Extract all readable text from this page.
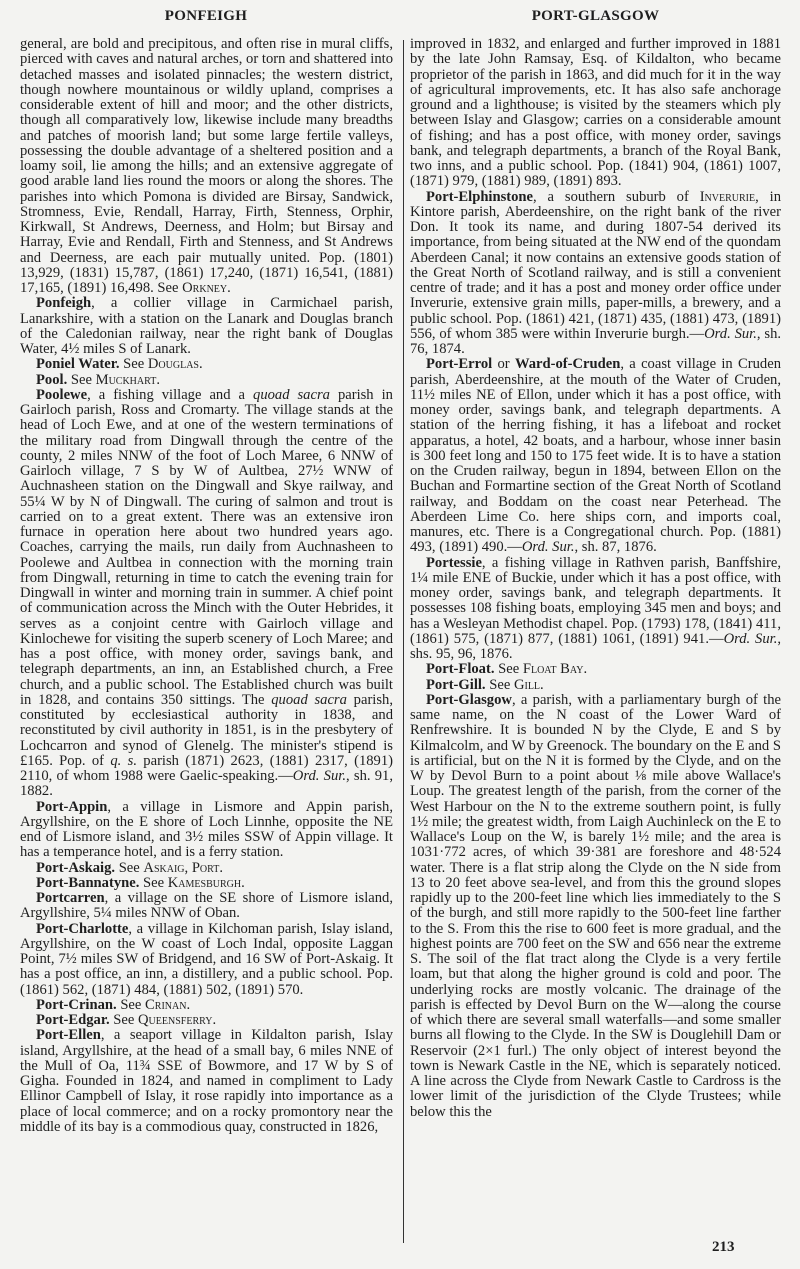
PONFEIGH	PORT-GLASGOW

general, are bold and precipitous, and often rise in mural cliffs, pierced with caves and natural arches, or torn and shattered into detached masses and isolated pinnacles; the western district, though nowhere mountainous or wildly upland, comprises a considerable extent of hill and moor; and the other districts, though all comparatively low, likewise include many breadths and patches of moorish land; but some large fertile valleys, possessing the double advantage of a sheltered position and a loamy soil, lie among the hills; and an extensive aggregate of good arable land lies round the moors or along the shores. The parishes into which Pomona is divided are Birsay, Sandwick, Stromness, Evie, Rendall, Harray, Firth, Stenness, Orphir, Kirkwall, St Andrews, Deerness, and Holm; but Birsay and Harray, Evie and Rendall, Firth and Stenness, and St Andrews and Deerness, are each pair mutually united. Pop. (1801) 13,929, (1831) 15,787, (1861) 17,240, (1871) 16,541, (1881) 17,165, (1891) 16,498. See Orkney.

Ponfeigh, a collier village in Carmichael parish, Lanarkshire, with a station on the Lanark and Douglas branch of the Caledonian railway, near the right bank of Douglas Water, 4½ miles S of Lanark.

Poniel Water. See Douglas.

Pool. See Muckhart.

Poolewe, a fishing village and a quoad sacra parish in Gairloch parish, Ross and Cromarty. The village stands at the head of Loch Ewe, and at one of the western terminations of the military road from Dingwall through the centre of the county, 2 miles NNW of the foot of Loch Maree, 6 NNW of Gairloch village, 7 S by W of Aultbea, 27½ WNW of Auchnasheen station on the Dingwall and Skye railway, and 55¼ W by N of Dingwall. The curing of salmon and trout is carried on to a great extent. There was an extensive iron furnace in operation here about two hundred years ago. Coaches, carrying the mails, run daily from Auchnasheen to Poolewe and Aultbea in connection with the morning train from Dingwall, returning in time to catch the evening train for Dingwall in winter and morning train in summer. A chief point of communication across the Minch with the Outer Hebrides, it serves as a conjoint centre with Gairloch village and Kinlochewe for visiting the superb scenery of Loch Maree; and has a post office, with money order, savings bank, and telegraph departments, an inn, an Established church, a Free church, and a public school. The Established church was built in 1828, and contains 350 sittings. The quoad sacra parish, constituted by ecclesiastical authority in 1838, and reconstituted by civil authority in 1851, is in the presbytery of Lochcarron and synod of Glenelg. The minister's stipend is £165. Pop. of q. s. parish (1871) 2623, (1881) 2317, (1891) 2110, of whom 1988 were Gaelic-speaking.—Ord. Sur., sh. 91, 1882.

Port-Appin, a village in Lismore and Appin parish, Argyllshire, on the E shore of Loch Linnhe, opposite the NE end of Lismore island, and 3½ miles SSW of Appin village. It has a temperance hotel, and is a ferry station.

Port-Askaig. See Askaig, Port.

Port-Bannatyne. See Kamesburgh.

Portcarren, a village on the SE shore of Lismore island, Argyllshire, 5¼ miles NNW of Oban.

Port-Charlotte, a village in Kilchoman parish, Islay island, Argyllshire, on the W coast of Loch Indal, opposite Laggan Point, 7½ miles SW of Bridgend, and 16 SW of Port-Askaig. It has a post office, an inn, a distillery, and a public school. Pop. (1861) 562, (1871) 484, (1881) 502, (1891) 570.

Port-Crinan. See Crinan.

Port-Edgar. See Queensferry.

Port-Ellen, a seaport village in Kildalton parish, Islay island, Argyllshire, at the head of a small bay, 6 miles NNE of the Mull of Oa, 11¾ SSE of Bowmore, and 17 W by S of Gigha. Founded in 1824, and named in compliment to Lady Ellinor Campbell of Islay, it rose rapidly into importance as a place of local commerce; and on a rocky promontory near the middle of its bay is a commodious quay, constructed in 1826,

improved in 1832, and enlarged and further improved in 1881 by the late John Ramsay, Esq. of Kildalton, who became proprietor of the parish in 1863, and did much for it in the way of agricultural improvements, etc. It has also safe anchorage ground and a lighthouse; is visited by the steamers which ply between Islay and Glasgow; carries on a considerable amount of fishing; and has a post office, with money order, savings bank, and telegraph departments, a branch of the Royal Bank, two inns, and a public school. Pop. (1841) 904, (1861) 1007, (1871) 979, (1881) 989, (1891) 893.

Port-Elphinstone, a southern suburb of Inverurie, in Kintore parish, Aberdeenshire, on the right bank of the river Don. It took its name, and during 1807-54 derived its importance, from being situated at the NW end of the quondam Aberdeen Canal; it now contains an extensive goods station of the Great North of Scotland railway, and is still a convenient centre of trade; and it has a post and money order office under Inverurie, extensive grain mills, paper-mills, a brewery, and a public school. Pop. (1861) 421, (1871) 435, (1881) 473, (1891) 556, of whom 385 were within Inverurie burgh.—Ord. Sur., sh. 76, 1874.

Port-Errol or Ward-of-Cruden, a coast village in Cruden parish, Aberdeenshire, at the mouth of the Water of Cruden, 11½ miles NE of Ellon, under which it has a post office, with money order, savings bank, and telegraph departments. A station of the herring fishing, it has a lifeboat and rocket apparatus, a hotel, 42 boats, and a harbour, whose inner basin is 300 feet long and 150 to 175 feet wide. It is to have a station on the Cruden railway, begun in 1894, between Ellon on the Buchan and Formartine section of the Great North of Scotland railway, and Boddam on the coast near Peterhead. The Aberdeen Lime Co. here ships corn, and imports coal, manures, etc. There is a Congregational church. Pop. (1881) 493, (1891) 490.—Ord. Sur., sh. 87, 1876.

Portessie, a fishing village in Rathven parish, Banffshire, 1¼ mile ENE of Buckie, under which it has a post office, with money order, savings bank, and telegraph departments. It possesses 108 fishing boats, employing 345 men and boys; and has a Wesleyan Methodist chapel. Pop. (1793) 178, (1841) 411, (1861) 575, (1871) 877, (1881) 1061, (1891) 941.—Ord. Sur., shs. 95, 96, 1876.

Port-Float. See Float Bay.

Port-Gill. See Gill.

Port-Glasgow, a parish, with a parliamentary burgh of the same name, on the N coast of the Lower Ward of Renfrewshire. It is bounded N by the Clyde, E and S by Kilmalcolm, and W by Greenock. The boundary on the E and S is artificial, but on the N it is formed by the Clyde, and on the W by Devol Burn to a point about ⅛ mile above Wallace's Loup. The greatest length of the parish, from the corner of the West Harbour on the N to the extreme southern point, is fully 1½ mile; the greatest width, from Laigh Auchinleck on the E to Wallace's Loup on the W, is barely 1½ mile; and the area is 1031·772 acres, of which 39·381 are foreshore and 48·524 water. There is a flat strip along the Clyde on the N side from 13 to 20 feet above sea-level, and from this the ground slopes rapidly up to the 200-feet line which lies immediately to the S of the burgh, and still more rapidly to the 500-feet line farther to the S. From this the rise to 600 feet is more gradual, and the highest points are 700 feet on the SW and 656 near the extreme S. The soil of the flat tract along the Clyde is a very fertile loam, but that along the higher ground is cold and poor. The underlying rocks are mostly volcanic. The drainage of the parish is effected by Devol Burn on the W—along the course of which there are several small waterfalls—and some smaller burns all flowing to the Clyde. In the SW is Douglehill Dam or Reservoir (2×1 furl.) The only object of interest beyond the town is Newark Castle in the NE, which is separately noticed. A line across the Clyde from Newark Castle to Cardross is the lower limit of the jurisdiction of the Clyde Trustees; while below this the

213
